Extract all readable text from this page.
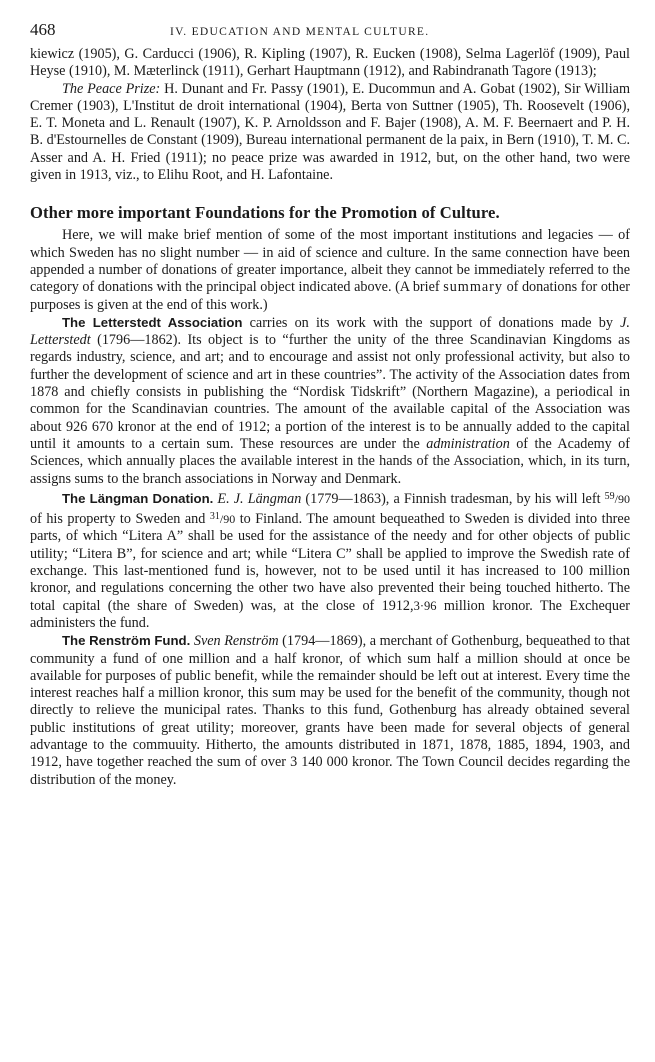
468	IV. EDUCATION AND MENTAL CULTURE.

kiewicz (1905), G. Carducci (1906), R. Kipling (1907), R. Eucken (1908), Selma Lagerlöf (1909), Paul Heyse (1910), M. Mæterlinck (1911), Gerhart Hauptmann (1912), and Rabindranath Tagore (1913);

The Peace Prize: H. Dunant and Fr. Passy (1901), E. Ducommun and A. Gobat (1902), Sir William Cremer (1903), L'Institut de droit international (1904), Berta von Suttner (1905), Th. Roosevelt (1906), E. T. Moneta and L. Renault (1907), K. P. Arnoldsson and F. Bajer (1908), A. M. F. Beernaert and P. H. B. d'Estournelles de Constant (1909), Bureau international permanent de la paix, in Bern (1910), T. M. C. Asser and A. H. Fried (1911); no peace prize was awarded in 1912, but, on the other hand, two were given in 1913, viz., to Elihu Root, and H. Lafontaine.

Other more important Foundations for the Promotion of Culture.

Here, we will make brief mention of some of the most important institutions and legacies — of which Sweden has no slight number — in aid of science and culture. In the same connection have been appended a number of donations of greater importance, albeit they cannot be immediately referred to the category of donations with the principal object indicated above. (A brief summary of donations for other purposes is given at the end of this work.)

The Letterstedt Association carries on its work with the support of donations made by J. Letterstedt (1796—1862). Its object is to “further the unity of the three Scandinavian Kingdoms as regards industry, science, and art; and to encourage and assist not only professional activity, but also to further the development of science and art in these countries”. The activity of the Association dates from 1878 and chiefly consists in publishing the “Nordisk Tidskrift” (Northern Magazine), a periodical in common for the Scandinavian countries. The amount of the available capital of the Association was about 926 670 kronor at the end of 1912; a portion of the interest is to be annually added to the capital until it amounts to a certain sum. These resources are under the administration of the Academy of Sciences, which annually places the available interest in the hands of the Association, which, in its turn, assigns sums to the branch associations in Norway and Denmark.

The Längman Donation. E. J. Längman (1779—1863), a Finnish tradesman, by his will left $^{59}$/90 of his property to Sweden and $^{31}$/90 to Finland. The amount bequeathed to Sweden is divided into three parts, of which “Litera A” shall be used for the assistance of the needy and for other objects of public utility; “Litera B”, for science and art; while “Litera C” shall be applied to improve the Swedish rate of exchange. This last-mentioned fund is, however, not to be used until it has increased to 100 million kronor, and regulations concerning the other two have also prevented their being touched hitherto. The total capital (the share of Sweden) was, at the close of 1912,3·96 million kronor. The Exchequer administers the fund.

The Renström Fund. Sven Renström (1794—1869), a merchant of Gothenburg, bequeathed to that community a fund of one million and a half kronor, of which sum half a million should at once be available for purposes of public benefit, while the remainder should be left out at interest. Every time the interest reaches half a million kronor, this sum may be used for the benefit of the community, though not directly to relieve the municipal rates. Thanks to this fund, Gothenburg has already obtained several public institutions of great utility; moreover, grants have been made for several objects of general advantage to the commuuity. Hitherto, the amounts distributed in 1871, 1878, 1885, 1894, 1903, and 1912, have together reached the sum of over 3 140 000 kronor. The Town Council decides regarding the distribution of the money.
